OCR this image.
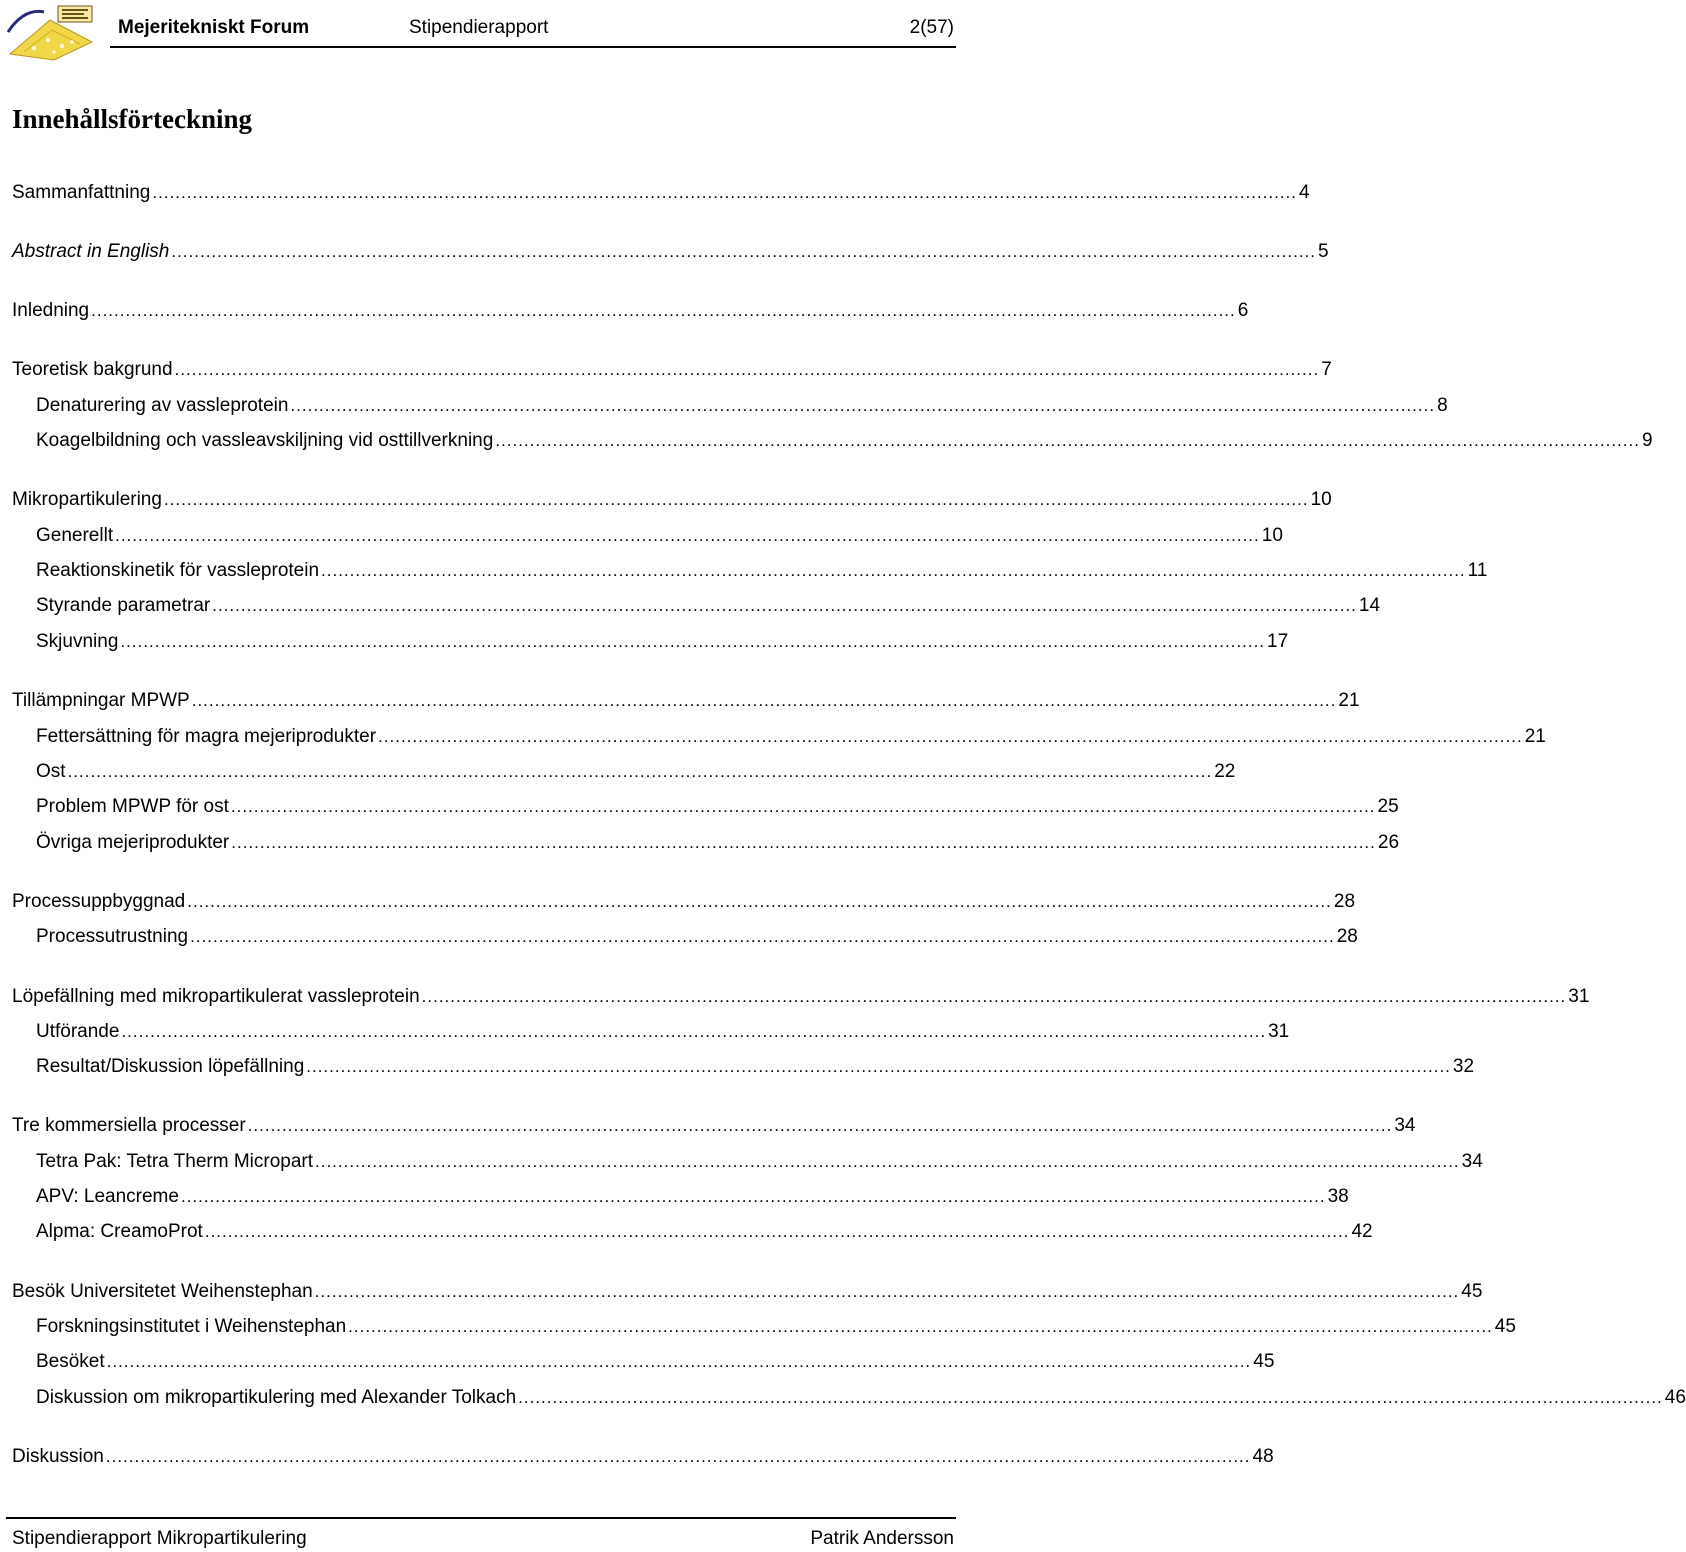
Mejeritekniskt Forum	Stipendierapport	2(57)
Innehållsförteckning
Sammanfattning ........................................................................................................................................................................................................ 4
Abstract in English ........................................................................................................................................................................................................ 5
Inledning ........................................................................................................................................................................................................ 6
Teoretisk bakgrund ........................................................................................................................................................................................................ 7
Denaturering av vassleprotein ........................................................................................................................................................................................................ 8
Koagelbildning och vassleavskiljning vid osttillverkning ........................................................................................................................................................................................................ 9
Mikropartikulering ........................................................................................................................................................................................................ 10
Generellt ........................................................................................................................................................................................................ 10
Reaktionskinetik för vassleprotein ........................................................................................................................................................................................................ 11
Styrande parametrar ........................................................................................................................................................................................................ 14
Skjuvning ........................................................................................................................................................................................................ 17
Tillämpningar MPWP ........................................................................................................................................................................................................ 21
Fettersättning för magra mejeriprodukter ........................................................................................................................................................................................................ 21
Ost ........................................................................................................................................................................................................ 22
Problem MPWP för ost ........................................................................................................................................................................................................ 25
Övriga mejeriprodukter ........................................................................................................................................................................................................ 26
Processuppbyggnad ........................................................................................................................................................................................................ 28
Processutrustning ........................................................................................................................................................................................................ 28
Löpefällning med mikropartikulerat vassleprotein ........................................................................................................................................................................................................ 31
Utförande ........................................................................................................................................................................................................ 31
Resultat/Diskussion löpefällning ........................................................................................................................................................................................................ 32
Tre kommersiella processer ........................................................................................................................................................................................................ 34
Tetra Pak: Tetra Therm Micropart ........................................................................................................................................................................................................ 34
APV: Leancreme ........................................................................................................................................................................................................ 38
Alpma: CreamoProt ........................................................................................................................................................................................................ 42
Besök Universitetet Weihenstephan ........................................................................................................................................................................................................ 45
Forskningsinstitutet i Weihenstephan ........................................................................................................................................................................................................ 45
Besöket ........................................................................................................................................................................................................ 45
Diskussion om mikropartikulering med Alexander Tolkach ........................................................................................................................................................................................................ 46
Diskussion ........................................................................................................................................................................................................ 48
Stipendierapport Mikropartikulering	Patrik Andersson
